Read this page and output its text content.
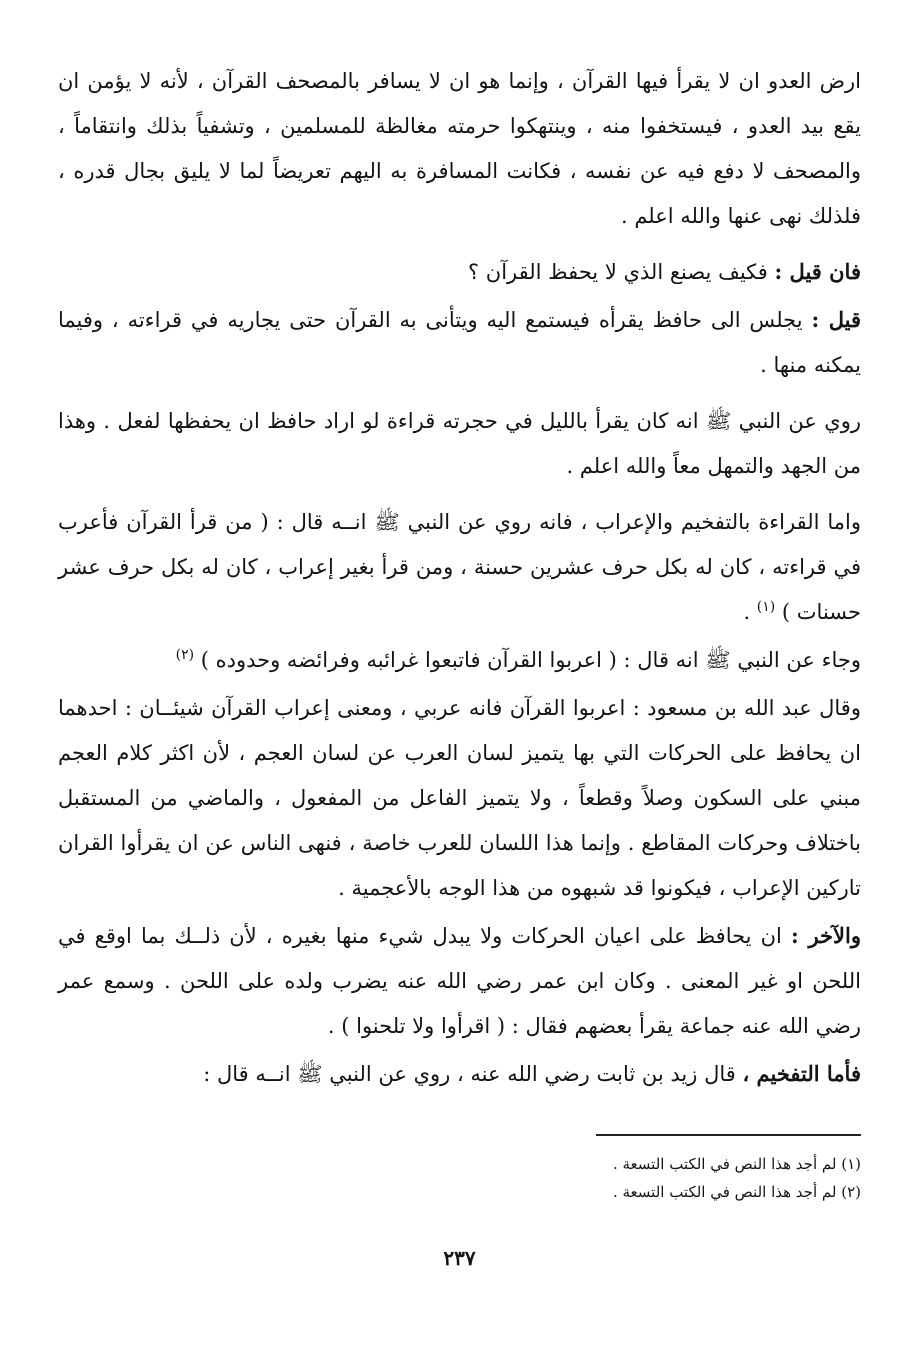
ارض العدو ان لا يقرأ فيها القرآن ، وإنما هو ان لا يسافر بالمصحف القرآن ، لأنه لا يؤمن ان يقع بيد العدو ، فيستخفوا منه ، وينتهكوا حرمته مغالظة للمسلمين ، وتشفياً بذلك وانتقاماً ، والمصحف لا دفع فيه عن نفسه ، فكانت المسافرة به اليهم تعريضاً لما لا يليق بجال قدره ، فلذلك نهى عنها والله اعلم .

فان قيل : فكيف يصنع الذي لا يحفظ القرآن ؟

قيل : يجلس الى حافظ يقرأه فيستمع اليه ويتأنى به القرآن حتى يجاريه في قراءته ، وفيما يمكنه منها .

روي عن النبي ﷺ انه كان يقرأ بالليل في حجرته قراءة لو اراد حافظ ان يحفظها لفعل . وهذا من الجهد والتمهل معاً والله اعلم .

واما القراءة بالتفخيم والإعراب ، فانه روي عن النبي ﷺ انــه قال : ( من قرأ القرآن فأعرب في قراءته ، كان له بكل حرف عشرين حسنة ، ومن قرأ بغير إعراب ، كان له بكل حرف عشر حسنات ) $^{(١)}$ .

وجاء عن النبي ﷺ انه قال : ( اعربوا القرآن فاتبعوا غرائبه وفرائضه وحدوده ) $^{(٢)}$

وقال عبد الله بن مسعود : اعربوا القرآن فانه عربي ، ومعنى إعراب القرآن شيئــان : احدهما ان يحافظ على الحركات التي بها يتميز لسان العرب عن لسان العجم ، لأن اكثر كلام العجم مبني على السكون وصلاً وقطعاً ، ولا يتميز الفاعل من المفعول ، والماضي من المستقبل باختلاف وحركات المقاطع . وإنما هذا اللسان للعرب خاصة ، فنهى الناس عن ان يقرأوا القران تاركين الإعراب ، فيكونوا قد شبهوه من هذا الوجه بالأعجمية .

والآخر : ان يحافظ على اعيان الحركات ولا يبدل شيء منها بغيره ، لأن ذلــك بما اوقع في اللحن او غير المعنى . وكان ابن عمر رضي الله عنه يضرب ولده على اللحن . وسمع عمر رضي الله عنه جماعة يقرأ بعضهم فقال : ( اقرأوا ولا تلحنوا ) .

فأما التفخيم ، قال زيد بن ثابت رضي الله عنه ، روي عن النبي ﷺ انــه قال :

(١) لم أجد هذا النص في الكتب التسعة .

(٢) لم أجد هذا النص في الكتب التسعة .

٢٣٧
